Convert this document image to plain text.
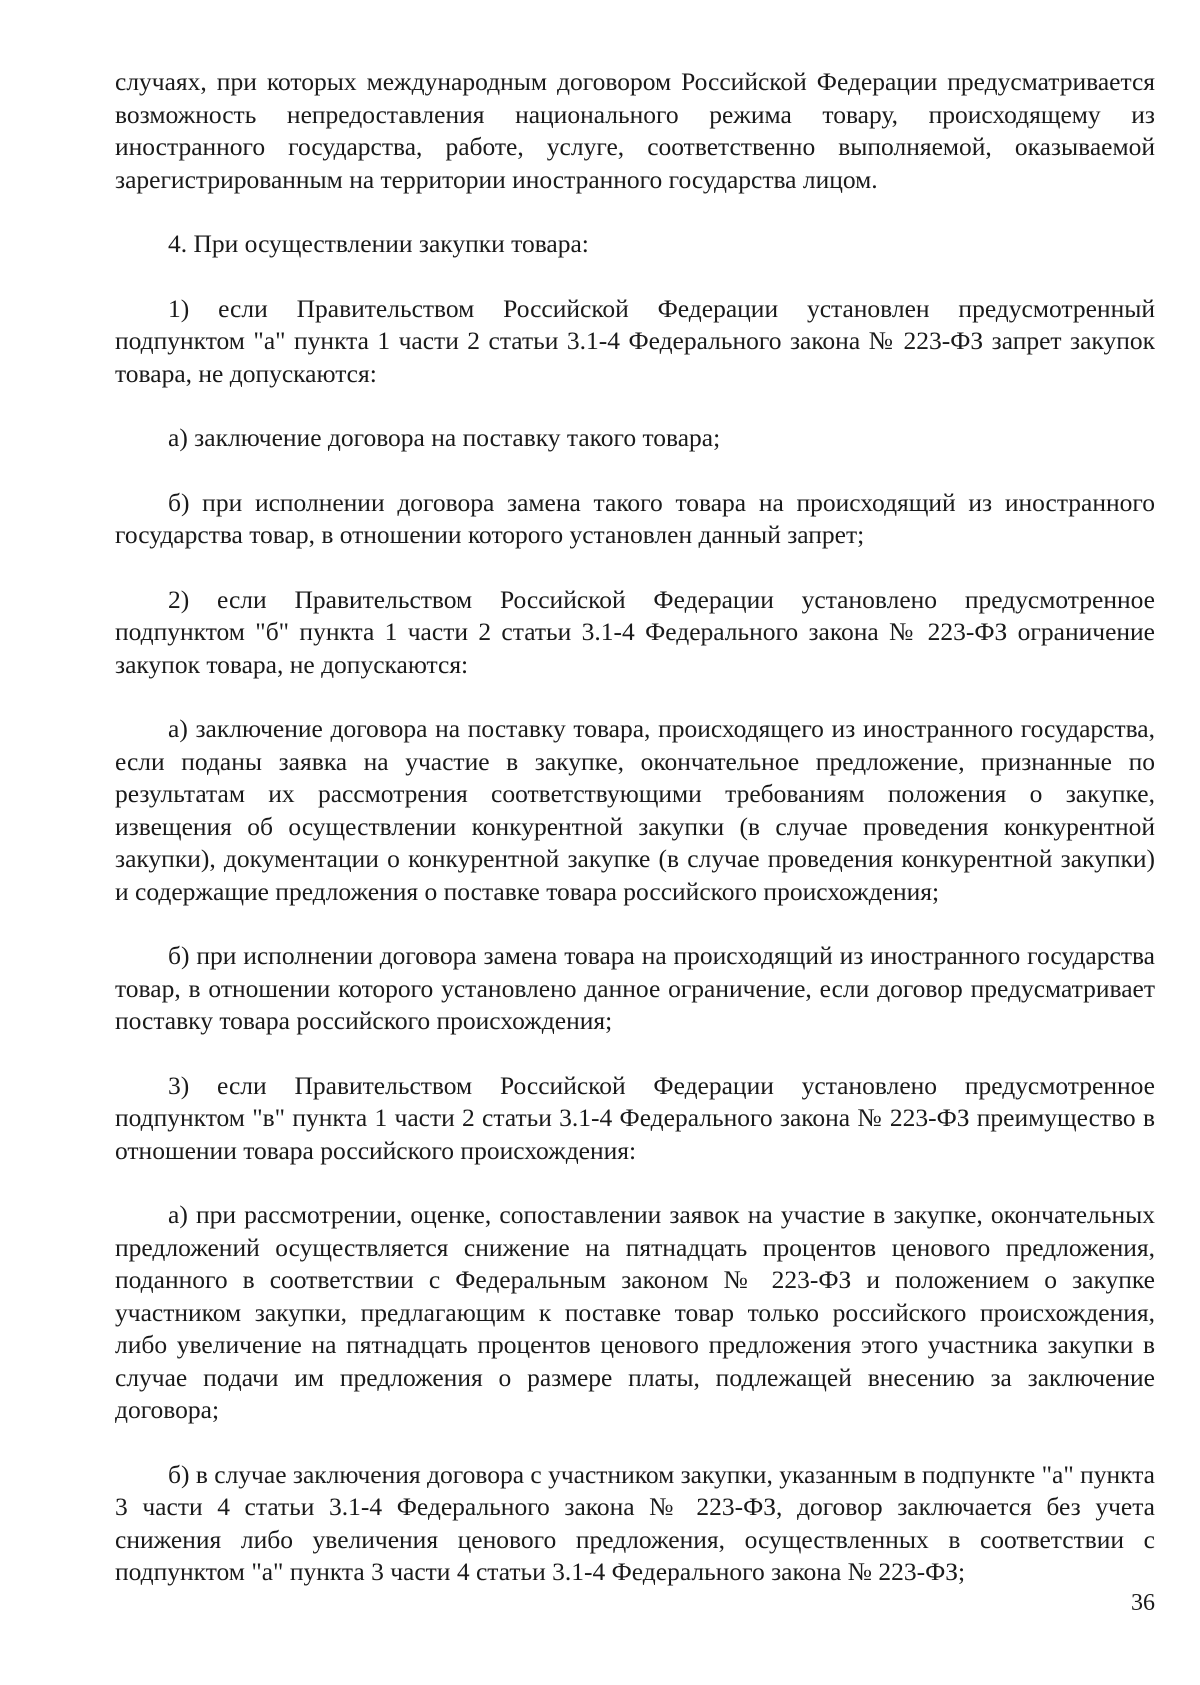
случаях, при которых международным договором Российской Федерации предусматривается возможность непредоставления национального режима товару, происходящему из иностранного государства, работе, услуге, соответственно выполняемой, оказываемой зарегистрированным на территории иностранного государства лицом.

4. При осуществлении закупки товара:

1) если Правительством Российской Федерации установлен предусмотренный подпунктом "а" пункта 1 части 2 статьи 3.1-4 Федерального закона № 223-ФЗ запрет закупок товара, не допускаются:

а) заключение договора на поставку такого товара;

б) при исполнении договора замена такого товара на происходящий из иностранного государства товар, в отношении которого установлен данный запрет;

2) если Правительством Российской Федерации установлено предусмотренное подпунктом "б" пункта 1 части 2 статьи 3.1-4 Федерального закона № 223-ФЗ ограничение закупок товара, не допускаются:

а) заключение договора на поставку товара, происходящего из иностранного государства, если поданы заявка на участие в закупке, окончательное предложение, признанные по результатам их рассмотрения соответствующими требованиям положения о закупке, извещения об осуществлении конкурентной закупки (в случае проведения конкурентной закупки), документации о конкурентной закупке (в случае проведения конкурентной закупки) и содержащие предложения о поставке товара российского происхождения;

б) при исполнении договора замена товара на происходящий из иностранного государства товар, в отношении которого установлено данное ограничение, если договор предусматривает поставку товара российского происхождения;

3) если Правительством Российской Федерации установлено предусмотренное подпунктом "в" пункта 1 части 2 статьи 3.1-4 Федерального закона № 223-ФЗ преимущество в отношении товара российского происхождения:

а) при рассмотрении, оценке, сопоставлении заявок на участие в закупке, окончательных предложений осуществляется снижение на пятнадцать процентов ценового предложения, поданного в соответствии с Федеральным законом № 223-ФЗ и положением о закупке участником закупки, предлагающим к поставке товар только российского происхождения, либо увеличение на пятнадцать процентов ценового предложения этого участника закупки в случае подачи им предложения о размере платы, подлежащей внесению за заключение договора;

б) в случае заключения договора с участником закупки, указанным в подпункте "а" пункта 3 части 4 статьи 3.1-4 Федерального закона № 223-ФЗ, договор заключается без учета снижения либо увеличения ценового предложения, осуществленных в соответствии с подпунктом "а" пункта 3 части 4 статьи 3.1-4 Федерального закона № 223-ФЗ;

36
